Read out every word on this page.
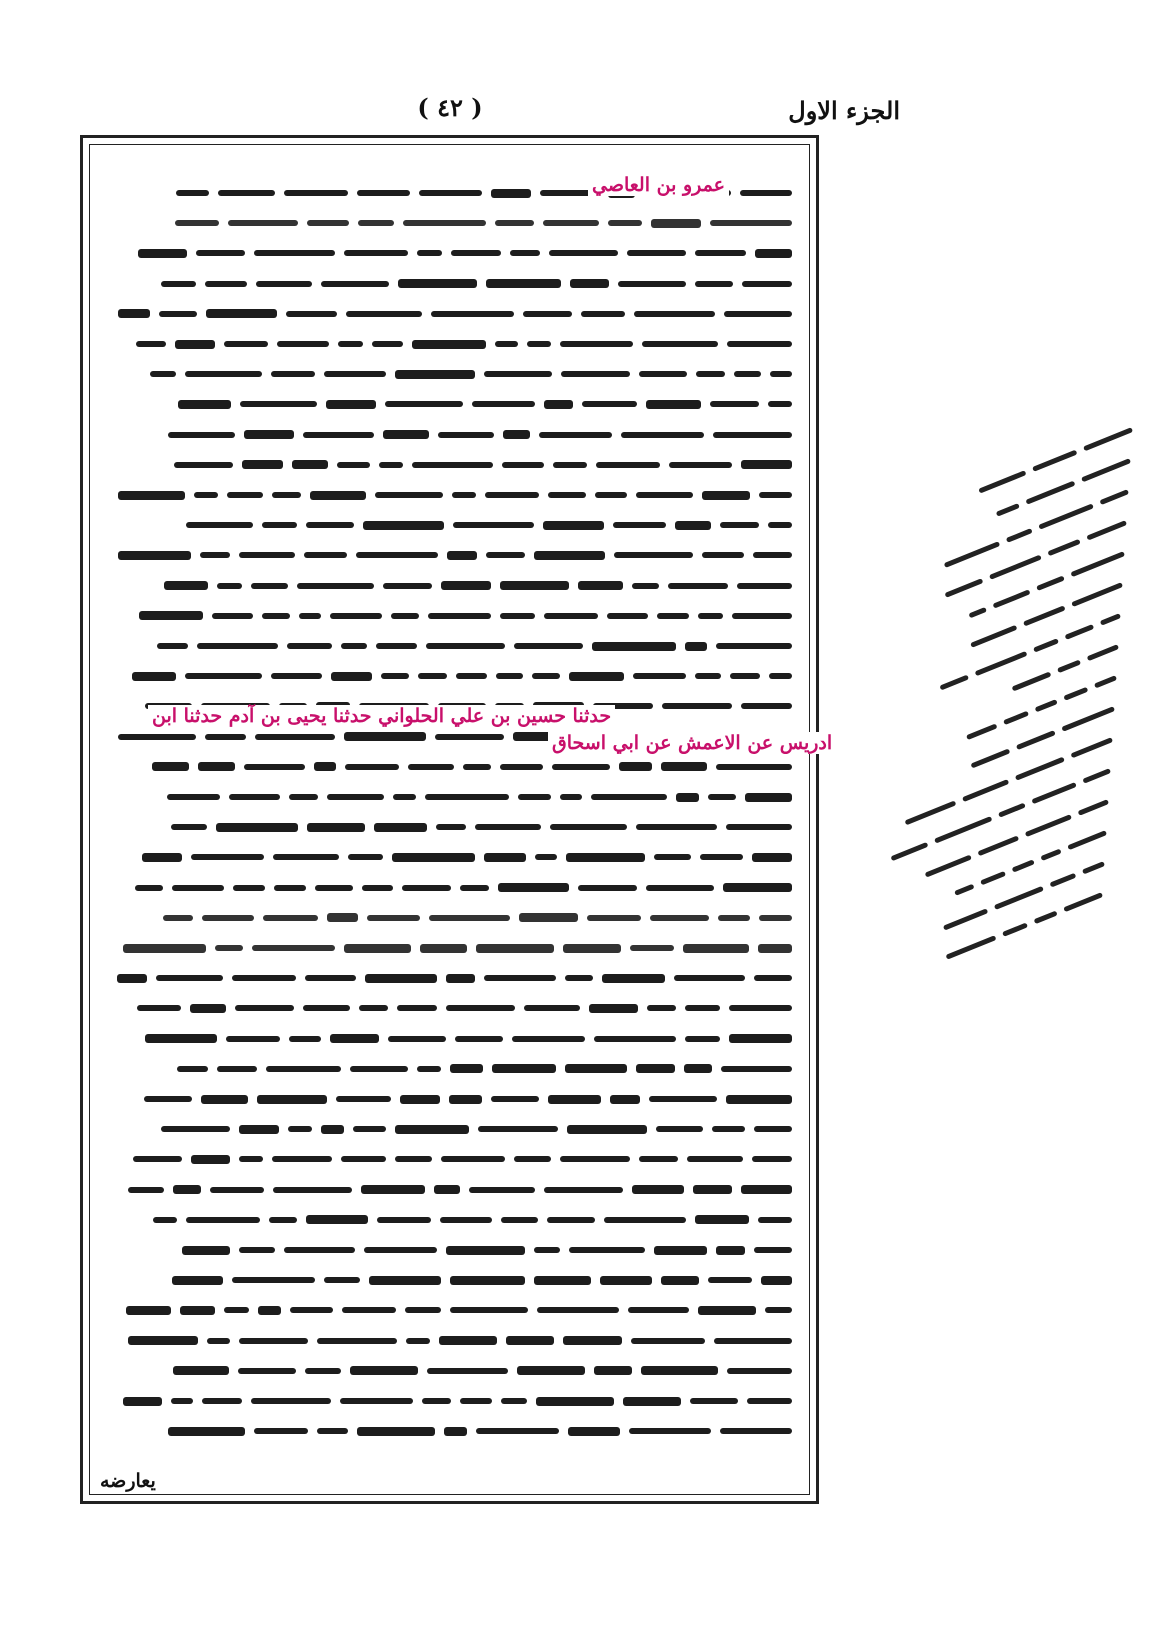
الجزء الاول
( ٤٢ )
عمرو بن العاصي
حدثنا حسين بن علي الحلواني حدثنا يحيى بن آدم حدثنا ابن
ادريس عن الاعمش عن ابي اسحاق
يعارضه
